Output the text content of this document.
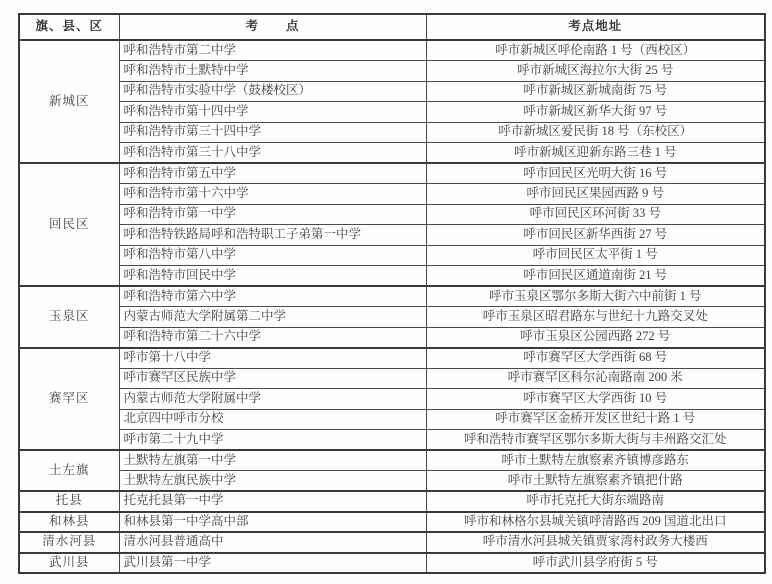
旗、县、区	考　　点	考点地址
新城区	呼和浩特市第二中学	呼市新城区呼伦南路 1 号（西校区）
	呼和浩特市土默特中学	呼市新城区海拉尔大街 25 号
	呼和浩特市实验中学（鼓楼校区）	呼市新城区新城南街 75 号
	呼和浩特市第十四中学	呼市新城区新华大街 97 号
	呼和浩特市第三十四中学	呼市新城区爱民街 18 号（东校区）
	呼和浩特市第三十八中学	呼市新城区迎新东路三巷 1 号
回民区	呼和浩特市第五中学	呼市回民区光明大街 16 号
	呼和浩特市第十六中学	呼市回民区果园西路 9 号
	呼和浩特市第一中学	呼市回民区环河街 33 号
	呼和浩特铁路局呼和浩特职工子弟第一中学	呼市回民区新华西街 27 号
	呼和浩特市第八中学	呼市回民区太平街 1 号
	呼和浩特市回民中学	呼市回民区通道南街 21 号
玉泉区	呼和浩特市第六中学	呼市玉泉区鄂尔多斯大街六中前街 1 号
	内蒙古师范大学附属第二中学	呼市玉泉区昭君路东与世纪十九路交叉处
	呼和浩特市第二十六中学	呼市玉泉区公园西路 272 号
赛罕区	呼市第十八中学	呼市赛罕区大学西街 68 号
	呼市赛罕区民族中学	呼市赛罕区科尔沁南路南 200 米
	内蒙古师范大学附属中学	呼市赛罕区大学西街 10 号
	北京四中呼市分校	呼市赛罕区金桥开发区世纪十路 1 号
	呼市第二十九中学	呼和浩特市赛罕区鄂尔多斯大街与丰州路交汇处
土左旗	土默特左旗第一中学	呼市土默特左旗察素齐镇博彦路东
	土默特左旗民族中学	呼市土默特左旗察素齐镇把什路
托县	托克托县第一中学	呼市托克托大街东端路南
和林县	和林县第一中学高中部	呼市和林格尔县城关镇呼清路西 209 国道北出口
清水河县	清水河县普通高中	呼市清水河县城关镇贾家湾村政务大楼西
武川县	武川县第一中学	呼市武川县学府街 5 号
